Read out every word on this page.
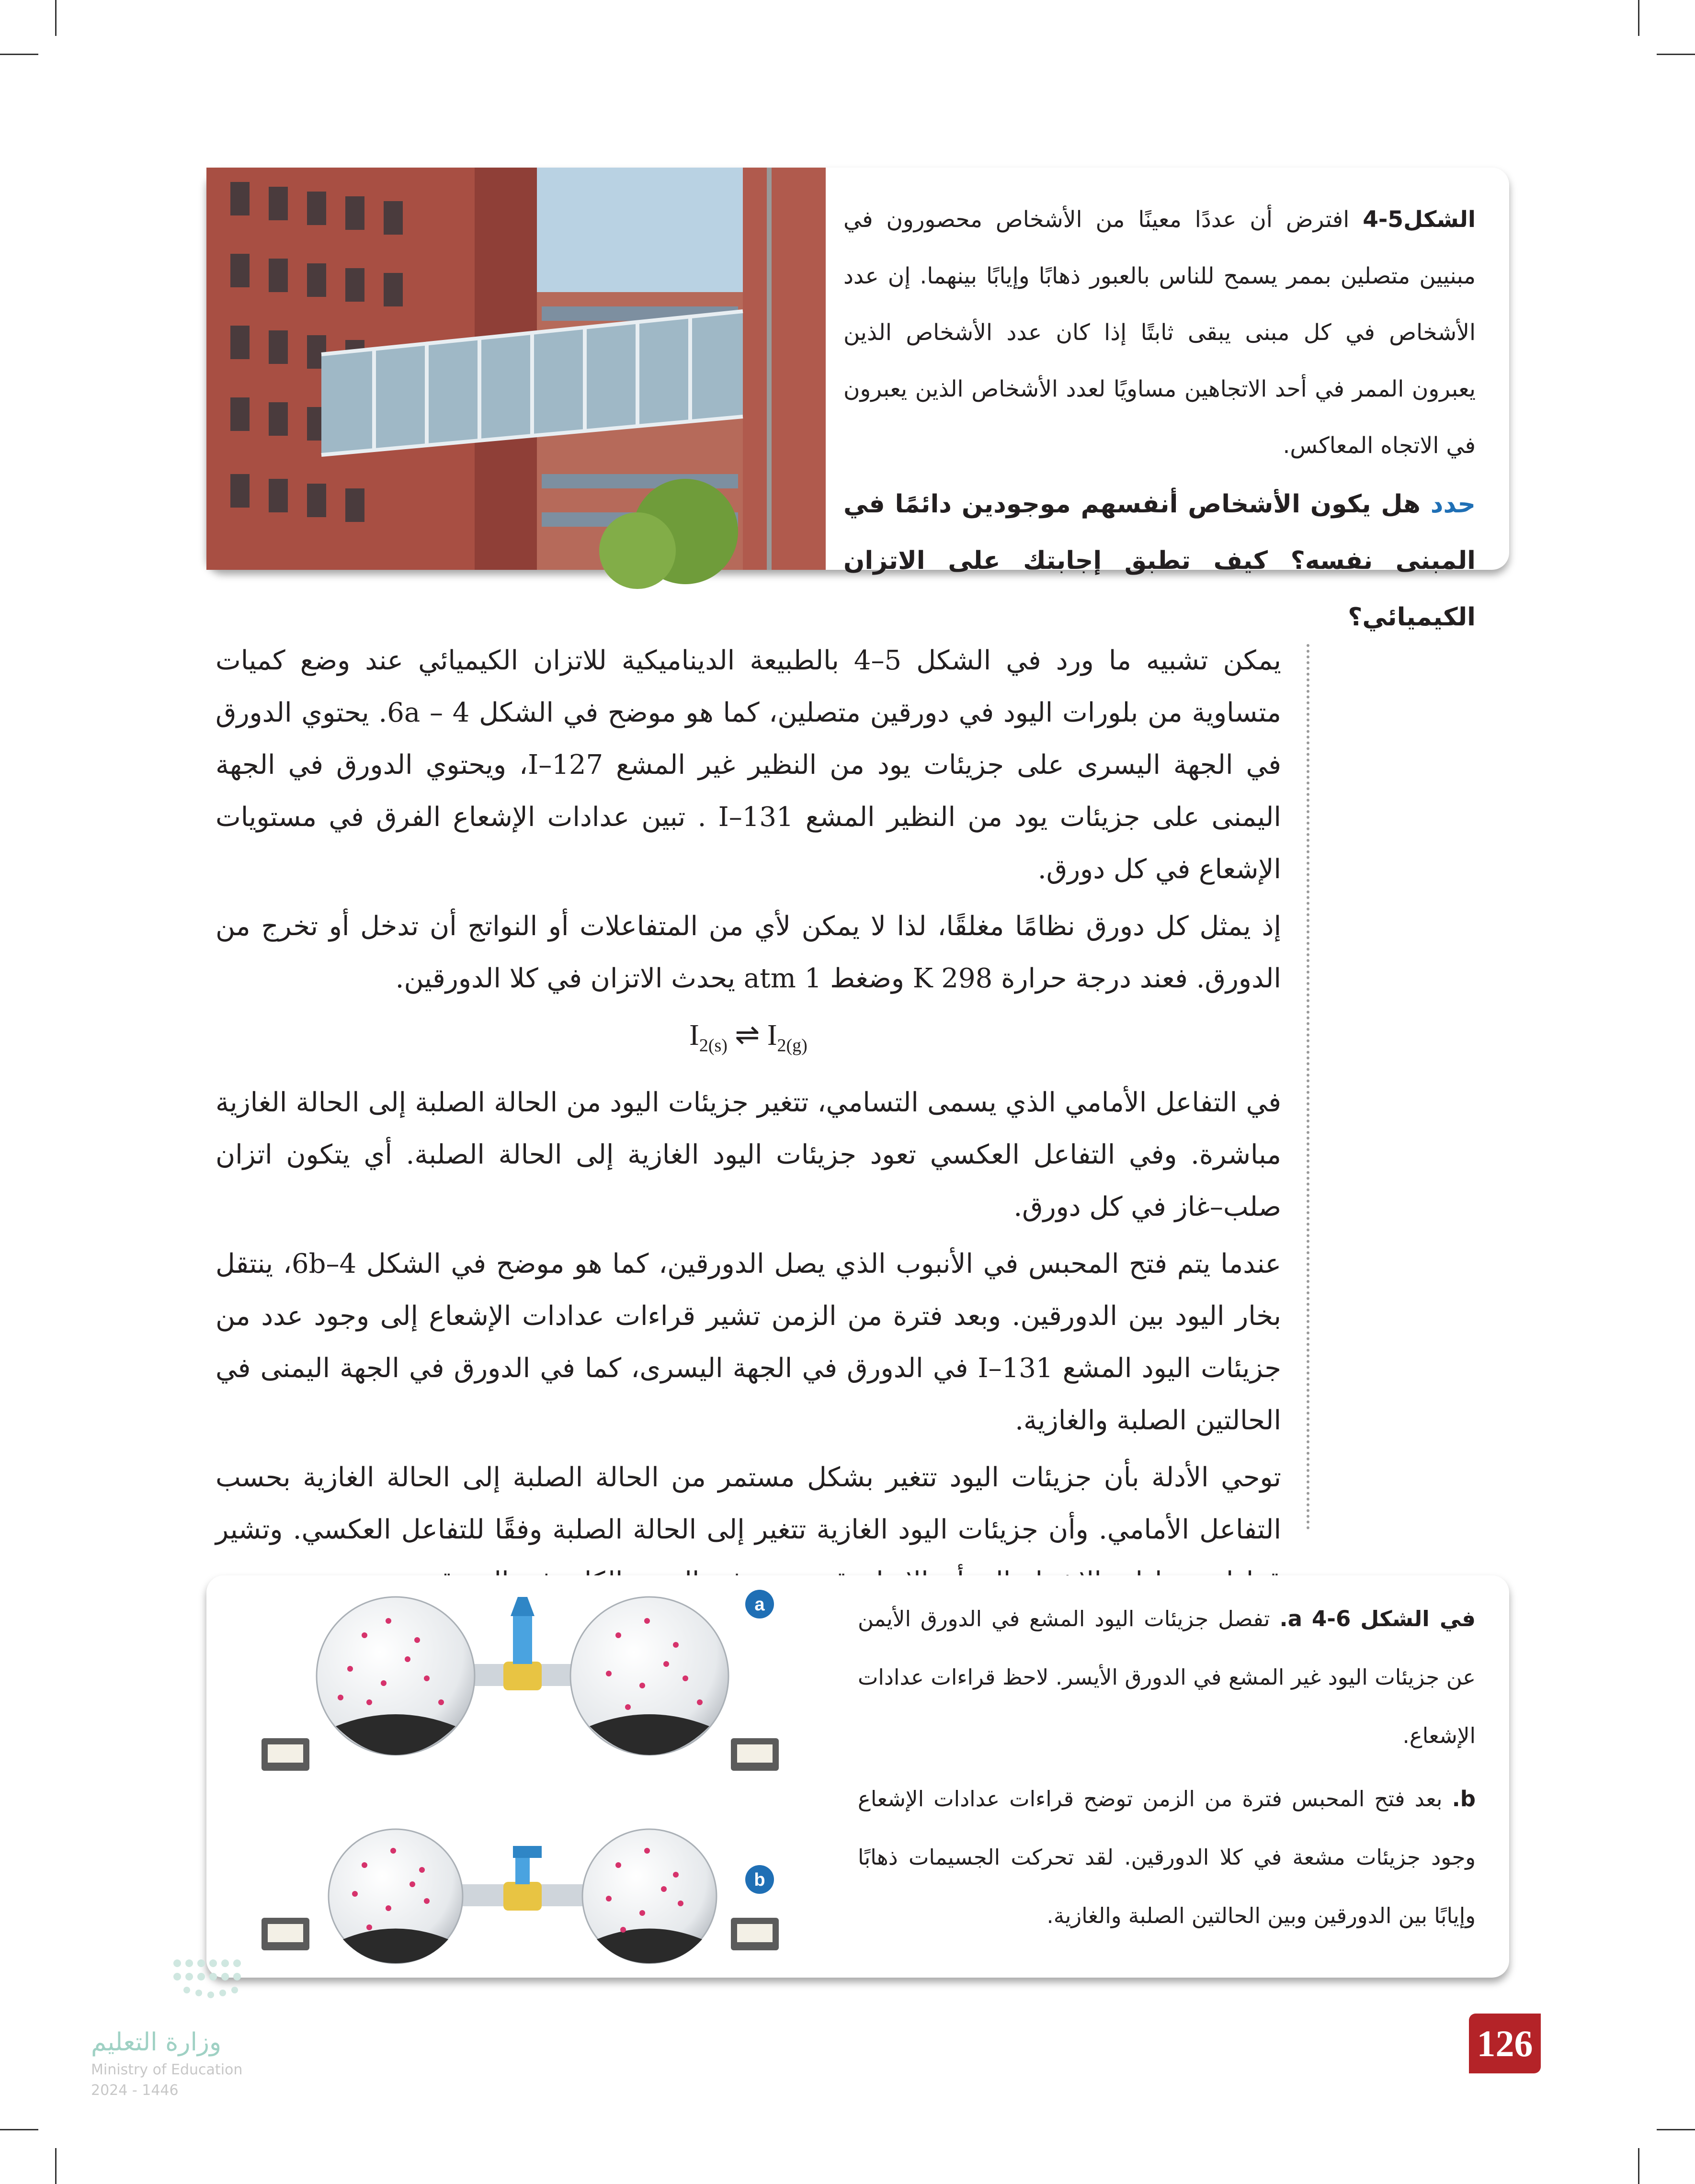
الشكل5-4 افترض أن عددًا معينًا من الأشخاص محصورون في مبنيين متصلين بممر يسمح للناس بالعبور ذهابًا وإيابًا بينهما. إن عدد الأشخاص في كل مبنى يبقى ثابتًا إذا كان عدد الأشخاص الذين يعبرون الممر في أحد الاتجاهين مساويًا لعدد الأشخاص الذين يعبرون في الاتجاه المعاكس.
حدد هل يكون الأشخاص أنفسهم موجودين دائمًا في المبنى نفسه؟ كيف تطبق إجابتك على الاتزان الكيميائي؟

يمكن تشبيه ما ورد في الشكل 5–4 بالطبيعة الديناميكية للاتزان الكيميائي عند وضع كميات متساوية من بلورات اليود في دورقين متصلين، كما هو موضح في الشكل 6a – 4. يحتوي الدورق في الجهة اليسرى على جزيئات يود من النظير غير المشع I–127، ويحتوي الدورق في الجهة اليمنى على جزيئات يود من النظير المشع I–131 . تبين عدادات الإشعاع الفرق في مستويات الإشعاع في كل دورق.

إذ يمثل كل دورق نظامًا مغلقًا، لذا لا يمكن لأي من المتفاعلات أو النواتج أن تدخل أو تخرج من الدورق. فعند درجة حرارة 298 K وضغط 1 atm يحدث الاتزان في كلا الدورقين.

$I_{2(s)}$ ⇌ $I_{2(g)}$

في التفاعل الأمامي الذي يسمى التسامي، تتغير جزيئات اليود من الحالة الصلبة إلى الحالة الغازية مباشرة. وفي التفاعل العكسي تعود جزيئات اليود الغازية إلى الحالة الصلبة. أي يتكون اتزان صلب–غاز في كل دورق.

عندما يتم فتح المحبس في الأنبوب الذي يصل الدورقين، كما هو موضح في الشكل 6b–4، ينتقل بخار اليود بين الدورقين. وبعد فترة من الزمن تشير قراءات عدادات الإشعاع إلى وجود عدد من جزيئات اليود المشع I–131 في الدورق في الجهة اليسرى، كما في الدورق في الجهة اليمنى في الحالتين الصلبة والغازية.

توحي الأدلة بأن جزيئات اليود تتغير بشكل مستمر من الحالة الصلبة إلى الحالة الغازية بحسب التفاعل الأمامي. وأن جزيئات اليود الغازية تتغير إلى الحالة الصلبة وفقًا للتفاعل العكسي. وتشير

a
b

في الشكل 6-4 a. تفصل جزيئات اليود المشع في الدورق الأيمن عن جزيئات اليود غير المشع في الدورق الأيسر. لاحظ قراءات عدادات الإشعاع.

b. بعد فتح المحبس فترة من الزمن توضح قراءات عدادات الإشعاع وجود جزيئات مشعة في كلا الدورقين. لقد تحركت الجسيمات ذهابًا وإيابًا بين الدورقين وبين الحالتين الصلبة والغازية.

وزارة التعليم
Ministry of Education
2024 - 1446
126
